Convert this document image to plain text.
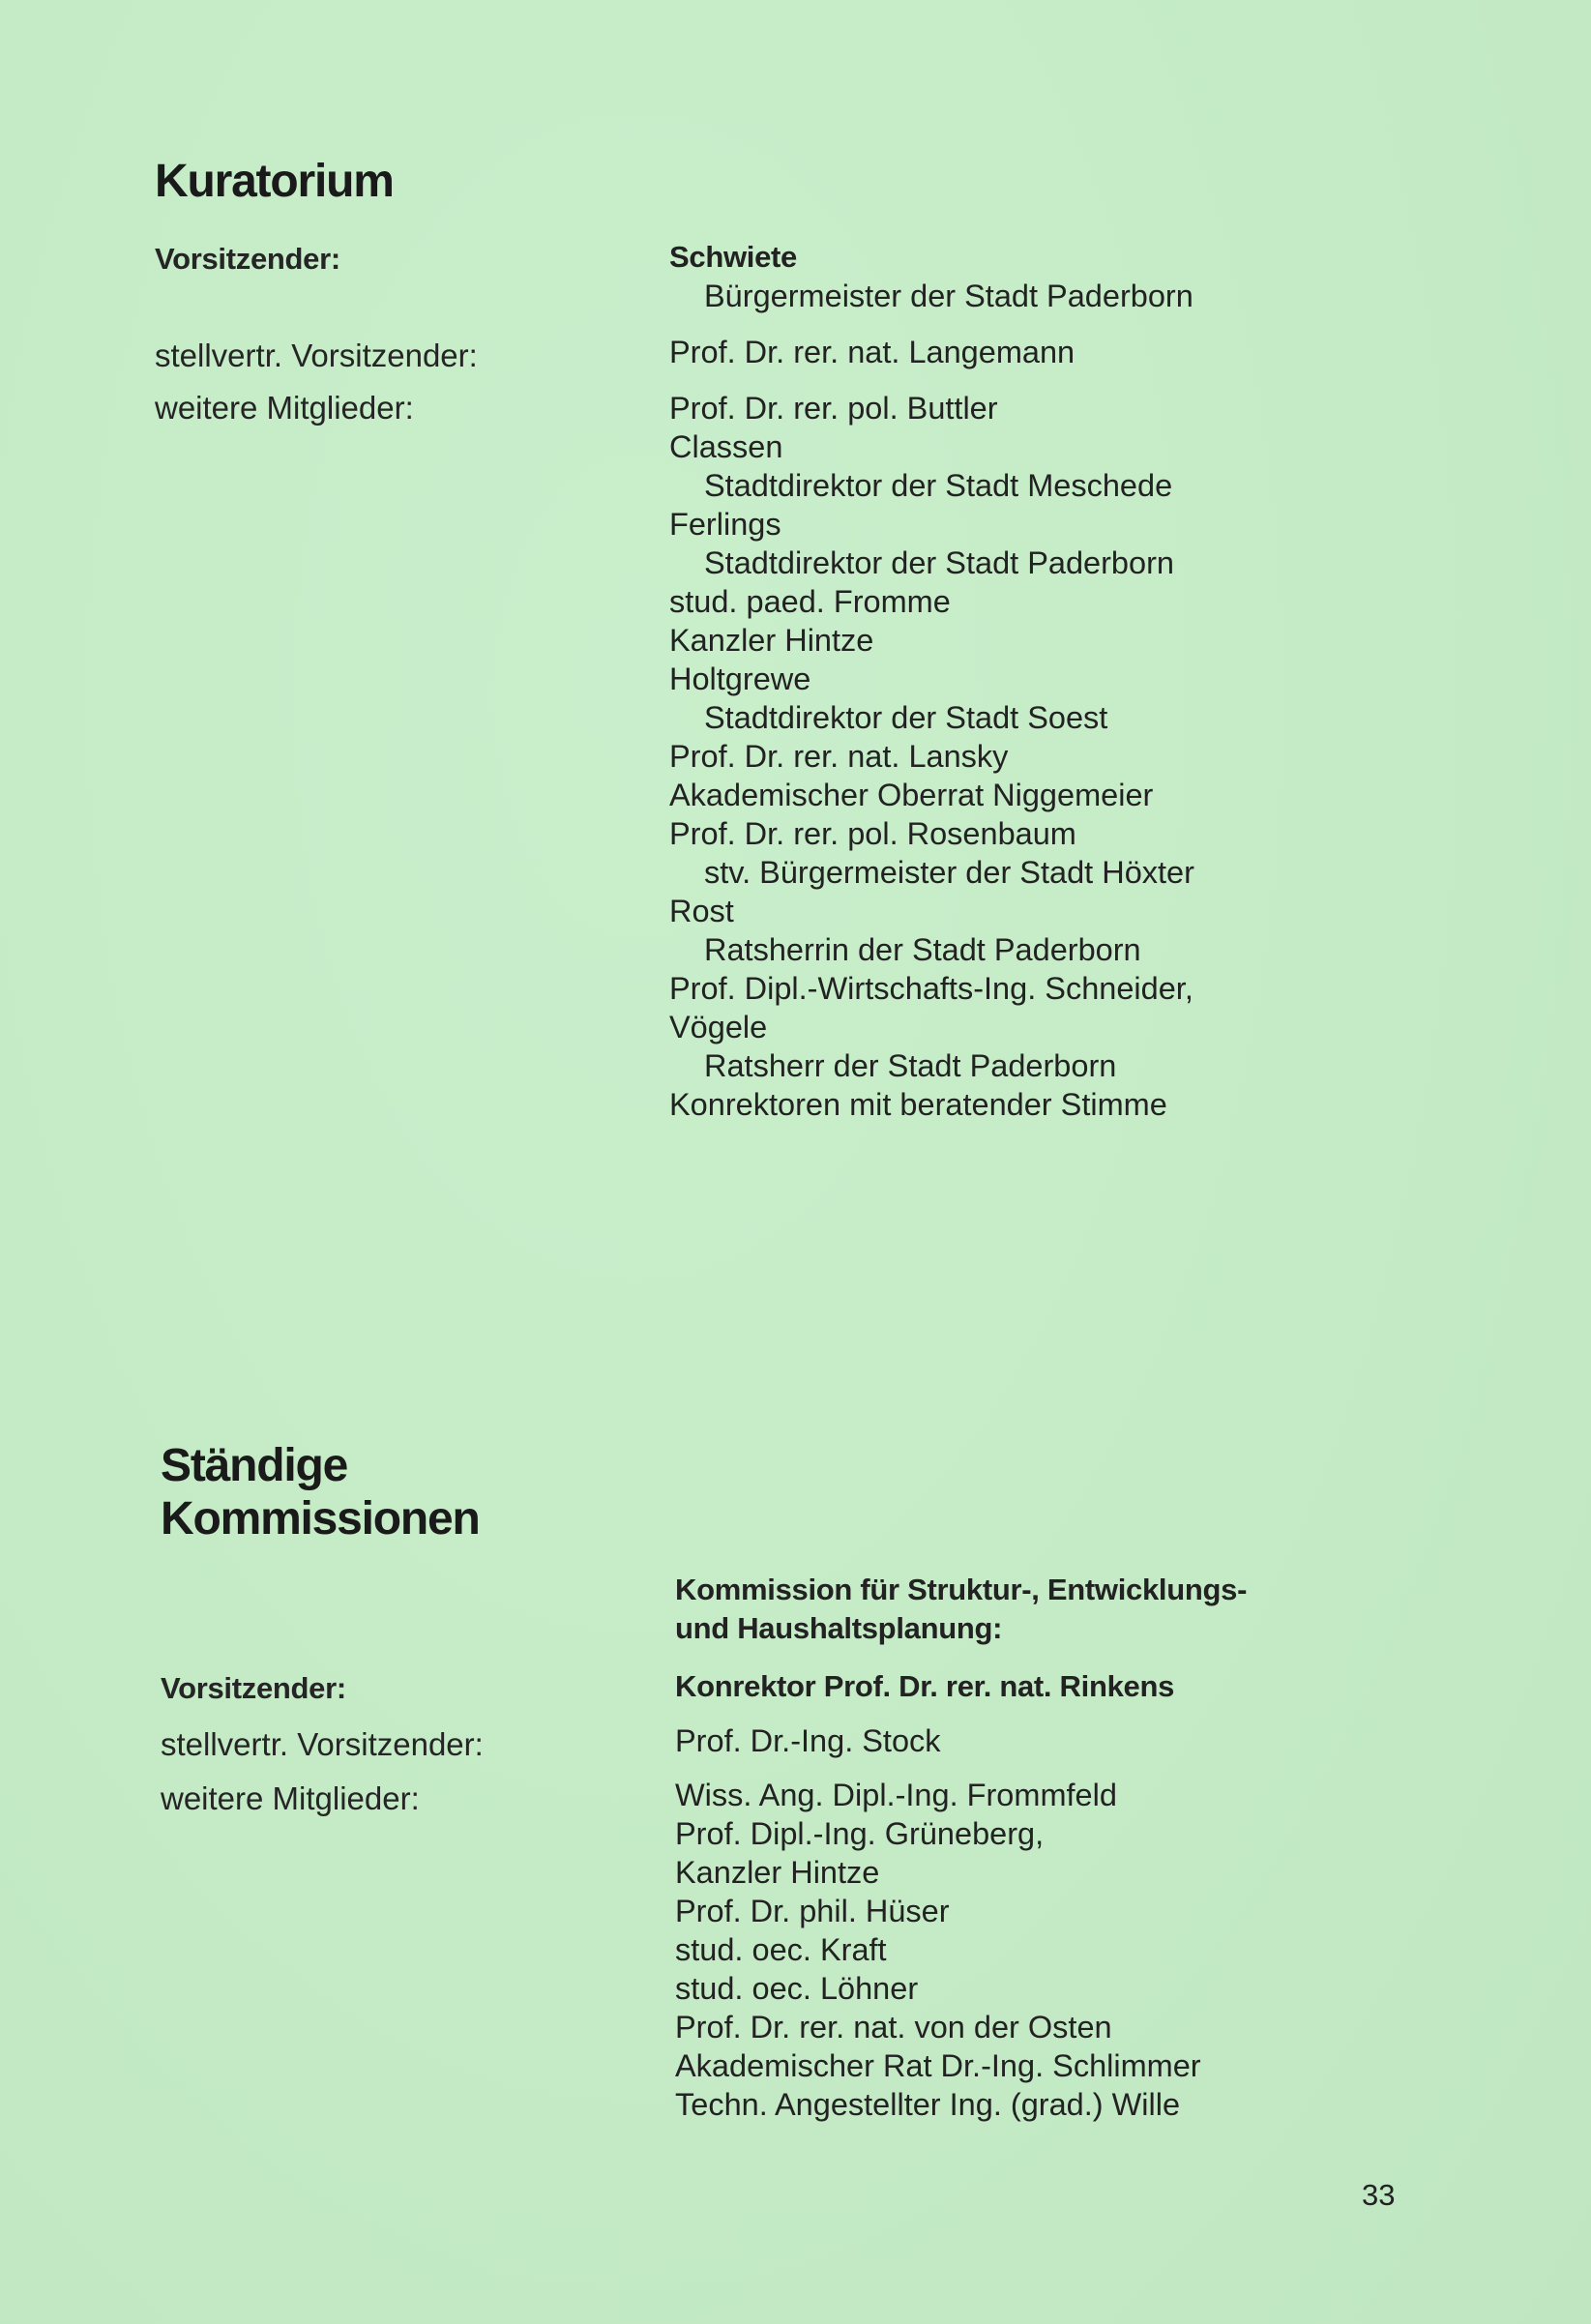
Kuratorium
Vorsitzender:
stellvertr. Vorsitzender:
weitere Mitglieder:
Schwiete
Bürgermeister der Stadt Paderborn
Prof. Dr. rer. nat. Langemann
Prof. Dr. rer. pol. Buttler
Classen
Stadtdirektor der Stadt Meschede
Ferlings
Stadtdirektor der Stadt Paderborn
stud. paed. Fromme
Kanzler Hintze
Holtgrewe
Stadtdirektor der Stadt Soest
Prof. Dr. rer. nat. Lansky
Akademischer Oberrat Niggemeier
Prof. Dr. rer. pol. Rosenbaum
stv. Bürgermeister der Stadt Höxter
Rost
Ratsherrin der Stadt Paderborn
Prof. Dipl.-Wirtschafts-Ing. Schneider,
Vögele
Ratsherr der Stadt Paderborn
Konrektoren mit beratender Stimme
Ständige
Kommissionen
Kommission für Struktur-, Entwicklungs-
und Haushaltsplanung:
Vorsitzender:
stellvertr. Vorsitzender:
weitere Mitglieder:
Konrektor Prof. Dr. rer. nat. Rinkens
Prof. Dr.-Ing. Stock
Wiss. Ang. Dipl.-Ing. Frommfeld
Prof. Dipl.-Ing. Grüneberg,
Kanzler Hintze
Prof. Dr. phil. Hüser
stud. oec. Kraft
stud. oec. Löhner
Prof. Dr. rer. nat. von der Osten
Akademischer Rat Dr.-Ing. Schlimmer
Techn. Angestellter Ing. (grad.) Wille
33
